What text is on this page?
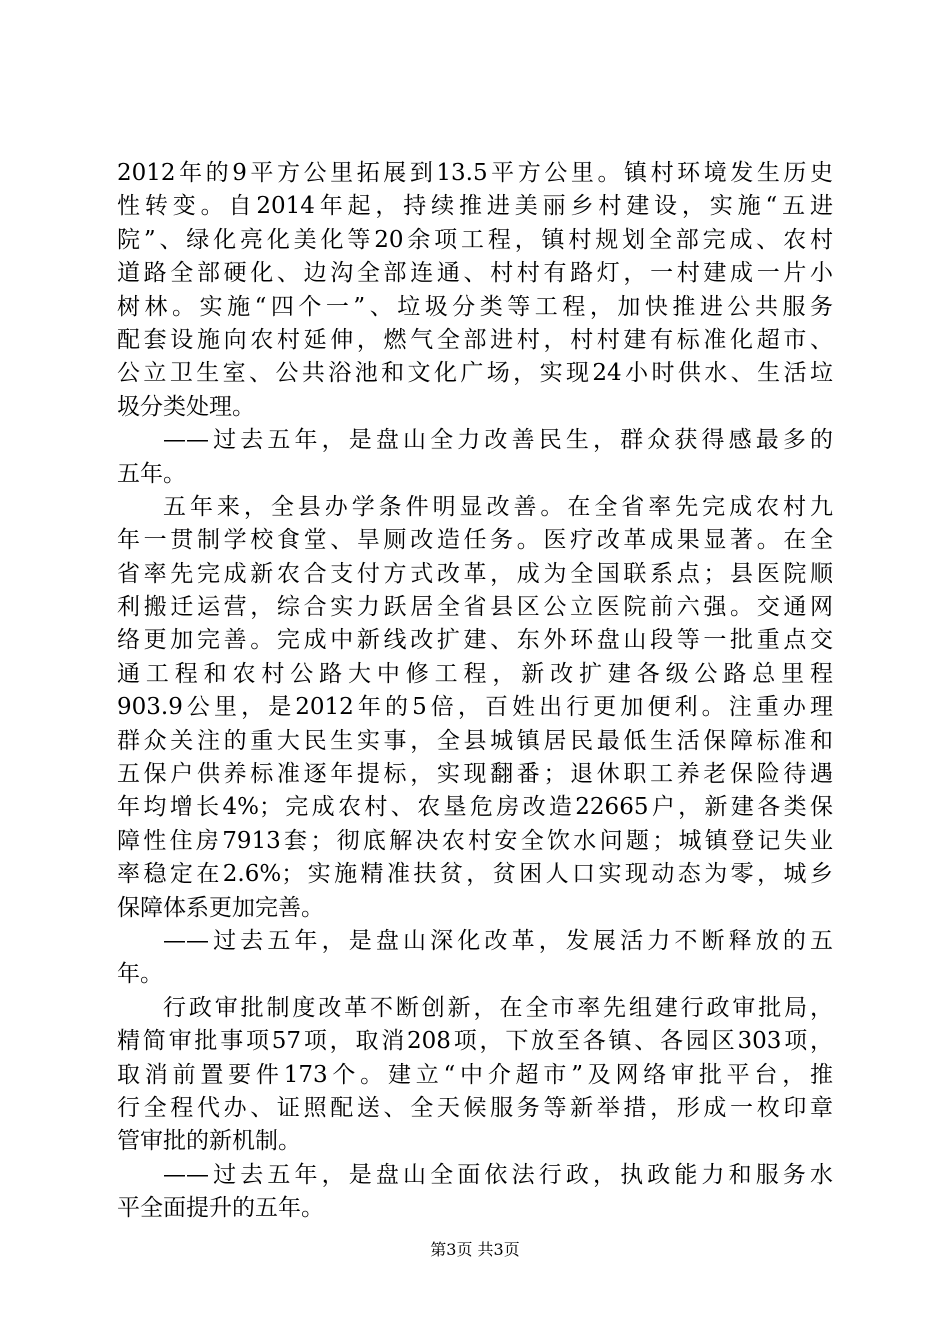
2012年的9平方公里拓展到13.5平方公里。镇村环境发生历史
性转变。自2014年起，持续推进美丽乡村建设，实施“五进
院”、绿化亮化美化等20余项工程，镇村规划全部完成、农村
道路全部硬化、边沟全部连通、村村有路灯，一村建成一片小
树林。实施“四个一”、垃圾分类等工程，加快推进公共服务
配套设施向农村延伸，燃气全部进村，村村建有标准化超市、
公立卫生室、公共浴池和文化广场，实现24小时供水、生活垃
圾分类处理。
——过去五年，是盘山全力改善民生，群众获得感最多的
五年。
五年来，全县办学条件明显改善。在全省率先完成农村九
年一贯制学校食堂、旱厕改造任务。医疗改革成果显著。在全
省率先完成新农合支付方式改革，成为全国联系点；县医院顺
利搬迁运营，综合实力跃居全省县区公立医院前六强。交通网
络更加完善。完成中新线改扩建、东外环盘山段等一批重点交
通工程和农村公路大中修工程，新改扩建各级公路总里程
903.9公里，是2012年的5倍，百姓出行更加便利。注重办理
群众关注的重大民生实事，全县城镇居民最低生活保障标准和
五保户供养标准逐年提标，实现翻番；退休职工养老保险待遇
年均增长4%；完成农村、农垦危房改造22665户，新建各类保
障性住房7913套；彻底解决农村安全饮水问题；城镇登记失业
率稳定在2.6%；实施精准扶贫，贫困人口实现动态为零，城乡
保障体系更加完善。
——过去五年，是盘山深化改革，发展活力不断释放的五
年。
行政审批制度改革不断创新，在全市率先组建行政审批局，
精简审批事项57项，取消208项，下放至各镇、各园区303项，
取消前置要件173个。建立“中介超市”及网络审批平台，推
行全程代办、证照配送、全天候服务等新举措，形成一枚印章
管审批的新机制。
——过去五年，是盘山全面依法行政，执政能力和服务水
平全面提升的五年。
第3页 共3页
